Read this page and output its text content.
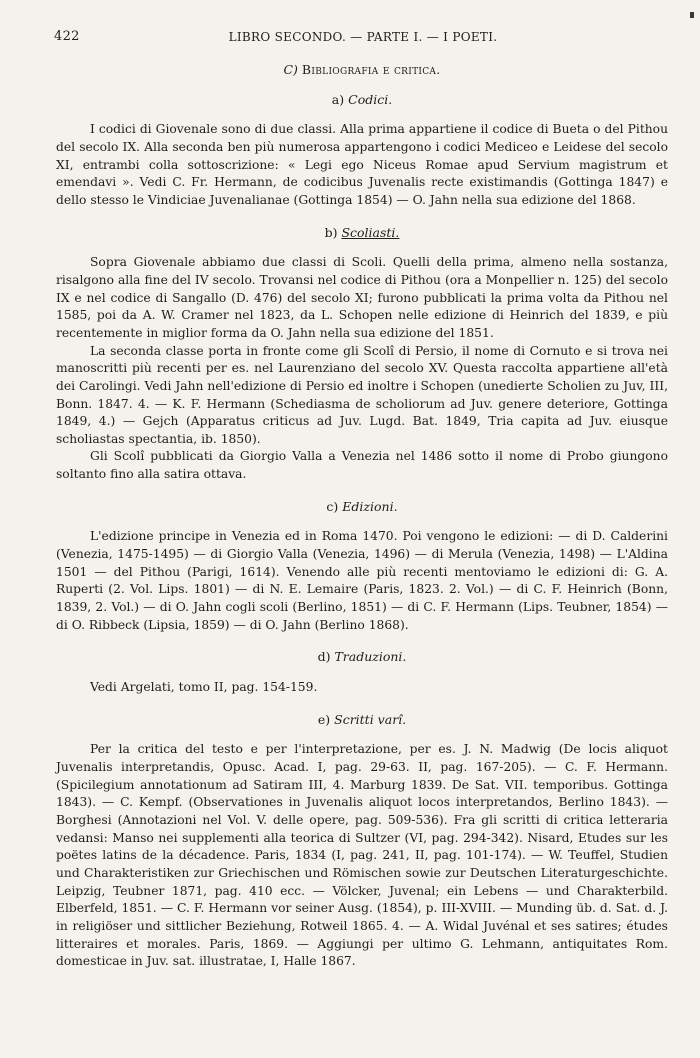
422	LIBRO SECONDO. — PARTE I. — I POETI.
C) Bibliografia e critica.
a) Codici.

I codici di Giovenale sono di due classi. Alla prima appartiene il codice di Bueta o del Pithou del secolo IX. Alla seconda ben più numerosa appartengono i codici Mediceo e Leidese del secolo XI, entrambi colla sottoscrizione: « Legi ego Niceus Romae apud Servium magistrum et emendavi ». Vedi C. Fr. Hermann, de codicibus Juvenalis recte existimandis (Gottinga 1847) e dello stesso le Vindiciae Juvenalianae (Gottinga 1854) — O. Jahn nella sua edizione del 1868.

b) Scoliasti.

Sopra Giovenale abbiamo due classi di Scoli. Quelli della prima, almeno nella sostanza, risalgono alla fine del IV secolo. Trovansi nel codice di Pithou (ora a Monpellier n. 125) del secolo IX e nel codice di Sangallo (D. 476) del secolo XI; furono pubblicati la prima volta da Pithou nel 1585, poi da A. W. Cramer nel 1823, da L. Schopen nelle edizione di Heinrich del 1839, e più recentemente in miglior forma da O. Jahn nella sua edizione del 1851.

La seconda classe porta in fronte come gli Scolî di Persio, il nome di Cornuto e si trova nei manoscritti più recenti per es. nel Laurenziano del secolo XV. Questa raccolta appartiene all'età dei Carolingi. Vedi Jahn nell'edizione di Persio ed inoltre i Schopen (unedierte Scholien zu Juv, III, Bonn. 1847. 4. — K. F. Hermann (Schediasma de scholiorum ad Juv. genere deteriore, Gottinga 1849, 4.) — Gejch (Apparatus criticus ad Juv. Lugd. Bat. 1849, Tria capita ad Juv. eiusque scholiastas spectantia, ib. 1850).

Gli Scolî pubblicati da Giorgio Valla a Venezia nel 1486 sotto il nome di Probo giungono soltanto fino alla satira ottava.

c) Edizioni.

L'edizione principe in Venezia ed in Roma 1470. Poi vengono le edizioni: — di D. Calderini (Venezia, 1475-1495) — di Giorgio Valla (Venezia, 1496) — di Merula (Venezia, 1498) — L'Aldina 1501 — del Pithou (Parigi, 1614). Venendo alle più recenti mentoviamo le edizioni di: G. A. Ruperti (2. Vol. Lips. 1801) — di N. E. Lemaire (Paris, 1823. 2. Vol.) — di C. F. Heinrich (Bonn, 1839, 2. Vol.) — di O. Jahn cogli scoli (Berlino, 1851) — di C. F. Hermann (Lips. Teubner, 1854) — di O. Ribbeck (Lipsia, 1859) — di O. Jahn (Berlino 1868).

d) Traduzioni.

Vedi Argelati, tomo II, pag. 154-159.

e) Scritti varî.

Per la critica del testo e per l'interpretazione, per es. J. N. Madwig (De locis aliquot Juvenalis interpretandis, Opusc. Acad. I, pag. 29-63. II, pag. 167-205). — C. F. Hermann. (Spicilegium annotationum ad Satiram III, 4. Marburg 1839. De Sat. VII. temporibus. Gottinga 1843). — C. Kempf. (Observationes in Juvenalis aliquot locos interpretandos, Berlino 1843). — Borghesi (Annotazioni nel Vol. V. delle opere, pag. 509-536). Fra gli scritti di critica letteraria vedansi: Manso nei supplementi alla teorica di Sultzer (VI, pag. 294-342). Nisard, Etudes sur les poëtes latins de la décadence. Paris, 1834 (I, pag. 241, II, pag. 101-174). — W. Teuffel, Studien und Charakteristiken zur Griechischen und Römischen sowie zur Deutschen Literaturgeschichte. Leipzig, Teubner 1871, pag. 410 ecc. — Völcker, Juvenal; ein Lebens — und Charakterbild. Elberfeld, 1851. — C. F. Hermann vor seiner Ausg. (1854), p. III-XVIII. — Munding üb. d. Sat. d. J. in religiöser und sittlicher Beziehung, Rotweil 1865. 4. — A. Widal Juvénal et ses satires; études litteraires et morales. Paris, 1869. — Aggiungi per ultimo G. Lehmann, antiquitates Rom. domesticae in Juv. sat. illustratae, I, Halle 1867.
